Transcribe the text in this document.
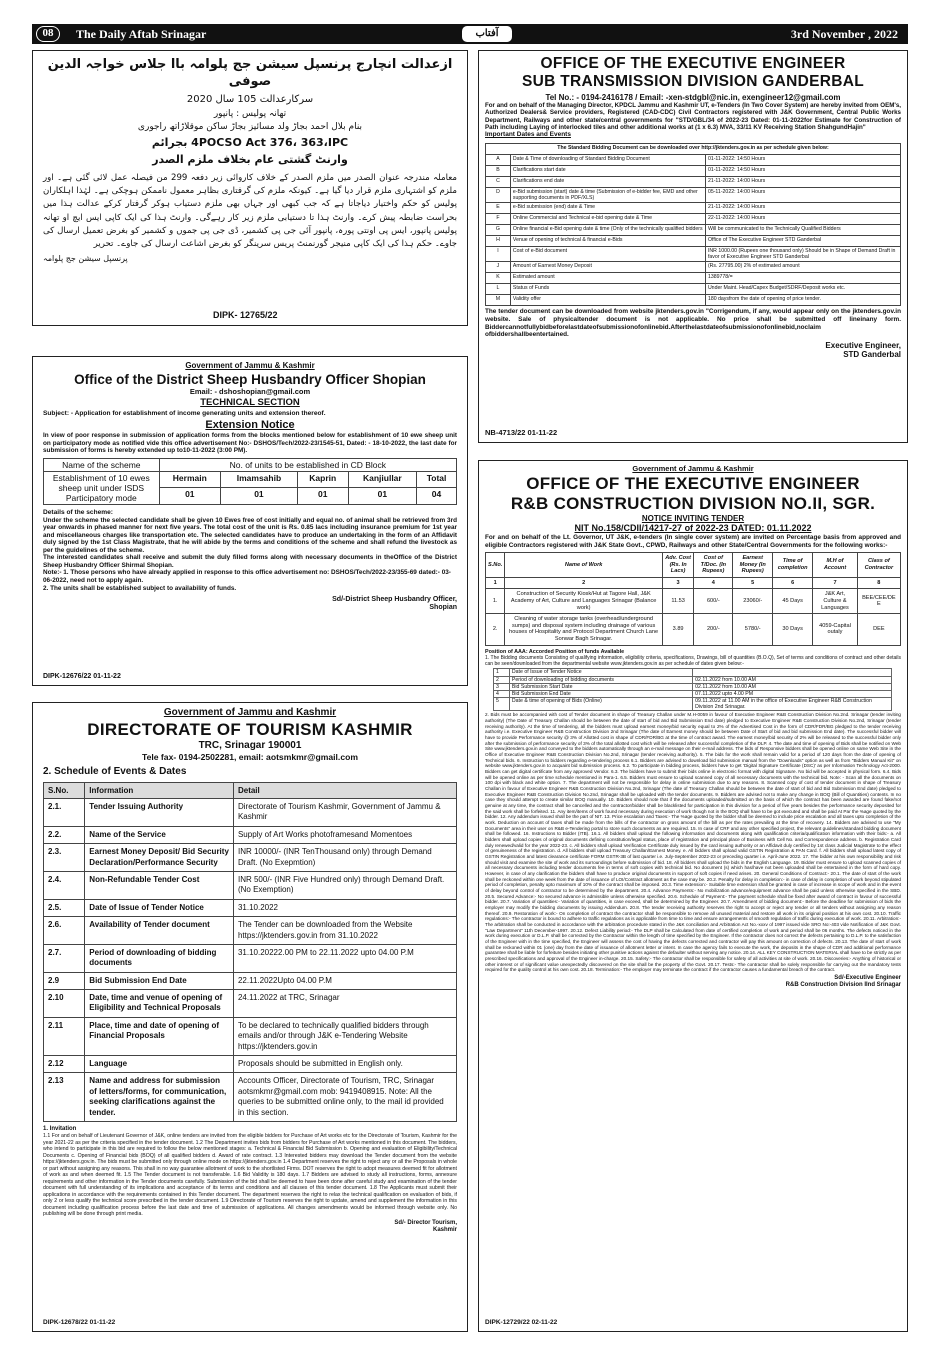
08	The Daily Aftab Srinagar	آفتاب	3rd November , 2022
ازعدالت انچارج پرنسپل سیشن جج پلوامہ باا جلاس خواجہ الدین صوفی
سرکارعدالت 105 سال 2020
تھانہ پولیس : پانپور
بنام بلال احمد بجاڑ ولد مسائیز بجاڑ ساکن موقلاڑاتھ راجوری
4POCSO Act 376، 363،IPC بجرائم
وارنٹ گشتی عام بخلاف ملزم الصدر
معاملہ مندرجہ عنوان الصدر میں ملزم الصدر کے خلاف کاروائی زیر دفعہ 299 من فیصلہ عمل لائی گئی ہے۔ اور ملزم کو اشتہاری ملزم قرار دیا گیا ہے۔ کیونکہ ملزم کی گرفتاری بظاہر معمول ناممکن ہوچکی ہے۔ لہٰذا اہلکاران پولیس کو حکم واختیار دیاجاتا ہے کہ جب کبھی اور جہاں بھی ملزم دستیاب ہوکر گرفتار کرکے عدالت ہذا میں بحراست ضابطہ پیش کرے۔ وارنٹ ہذا تا دستیابی ملزم زیر کار رہےگی۔ وارنٹ ہذا کی ایک کاپی ایس ایچ او تھانہ پولیس پانپور، ایس پی اونتی پورہ، پانپور آئی جی پی کشمیر، ڈی جی پی جموں و کشمیر کو بغرض تعمیل ارسال کی جاوے۔ حکم ہذا کی ایک کاپی منیجر گورنمنٹ پریس سرینگر کو بغرض اشاعت ارسال کی جاوے۔ تحریر
پرنسپل سیشن جج پلوامہ
DIPK- 12765/22
Government of Jammu & Kashmir
Office of the District Sheep Husbandry Officer Shopian
Email: - dshoshopian@gmail.com
TECHNICAL SECTION
Subject: - Application for establishment of income generating units and extension thereof.
Extension Notice
In view of poor response in submission of application forms from the blocks mentioned below for establishment of 10 ewe sheep unit on participatory mode as notified vide this office advertisement No:- DSHOS/Tech/2022-23/1545-51, Dated: - 18-10-2022, the last date for submission of forms is hereby extended up to10-11-2022 (3:00 PM).
Name of the scheme	No. of units to be established in CD Block				
Establishment of 10 ewes sheep unit under ISDS Participatory mode	Hermain	Imamsahib	Kaprin	Kanjiullar	Total
	01	01	01	01	04
Details of the scheme:
Under the scheme the selected candidate shall be given 10 Ewes free of cost initially and equal no. of animal shall be retrieved from 3rd year onwards in phased manner for next five years. The total cost of the unit is Rs. 0.85 lacs including insurance premium for 1st year and miscellaneous charges like transportation etc. The selected candidates have to produce an undertaking in the form of an Affidavit duly signed by the 1st Class Magistrate, that he will abide by the terms and conditions of the scheme and shall refund the livestock as per the guidelines of the scheme.
The interested candidates shall receive and submit the duly filled forms along with necessary documents in theOffice of the District Sheep Husbandry Officer Shirmal Shopian.
Note:- 1. Those persons who have already applied in response to this office advertisement no: DSHOS/Tech/2022-23/355-69 dated:- 03-06-2022, need not to apply again.
2. The units shall be established subject to availability of funds.
Sd/-District Sheep Husbandry Officer,
Shopian
DIPK-12676/22 01-11-22
Government of Jammu and Kashmir
DIRECTORATE OF TOURISM KASHMIR
TRC, Srinagar 190001
Tele fax- 0194-2502281, email: aotsmkmr@gmail.com
2. Schedule of Events & Dates
S.No.	Information	Detail
2.1.	Tender Issuing Authority	Directorate of Tourism Kashmir, Government of Jammu & Kashmir
2.2.	Name of the Service	Supply of Art Works photoframesand Momentoes
2.3.	Earnest Money Deposit/ Bid Security Declaration/Performance Security	INR 10000/- (INR TenThousand only) through Demand Draft. (No Exepmtion)
2.4.	Non-Refundable Tender Cost	INR 500/- (INR Five Hundred only) through Demand Draft. (No Exemption)
2.5.	Date of Issue of Tender Notice	31.10.2022
2.6.	Availability of Tender document	The Tender can be downloaded from the Website https://jktenders.gov.in from 31.10.2022
2.7.	Period of downloading of bidding documents	31.10.20222.00 PM to 22.11.2022 upto 04.00 P.M
2.9	Bid Submission End Date	22.11.2022Upto 04.00 P.M
2.10	Date, time and venue of opening of Eligibility and Technical Proposals	24.11.2022 at TRC, Srinagar
2.11	Place, time and date of opening of Financial Proposals	To be declared to technically qualified bidders through emails and/or through J&K e-Tendering Website https://jktenders.gov.in
2.12	Language	Proposals should be submitted in English only.
2.13	Name and address for submission of letters/forms, for communication, seeking clarifications against the tender.	Accounts Officer, Directorate of Tourism, TRC, Srinagar aotsmkmr@gmail.com mob: 9419408915. Note: All the queries to be submitted online only, to the mail id provided in this section.
1. Invitation
1.1 For and on behalf of Lieutenant Governor of J&K, online tenders are invited from the eligible bidders for Purchase of Art works etc for the Directorate of Tourism, Kashmir for the year 2021-22 as per the criteria specified in the tender document. 1.2 The Department invites bids from bidders for Purchase of Art works mentioned in this document. The bidders, who intend to participate in this bid are required to follow the below mentioned stages: a. Technical & Financial Bid Submission b. Opening and evaluation of Eligibility/Technical Documents c. Opening of Financial bids (BOQ) of all qualified bidders d. Award of rate contract. 1.3 Interested bidders may download the Tender document from the website https://jktenders.gov.in. The bids must be submitted only through online mode on https://jktenders.gov.in 1.4 Department reserves the right to reject any or all the Proposals in whole or part without assigning any reasons. This shall in no way guarantee allotment of work to the shortlisted Firms. DOT reserves the right to adopt measures deemed fit for allotment of work as and when deemed fit. 1.5 The Tender document is not transferable. 1.6 Bid Validity is 180 days. 1.7 Bidders are advised to study all instructions, forms, annexure requirements and other information in the Tender documents carefully. Submission of the bid shall be deemed to have been done after careful study and examination of the tender document with full understanding of its implications and acceptance of its terms and conditions and all clauses of this tender document. 1.8 The Applicants must submit their applications in accordance with the requirements contained in this Tender document. The department reserves the right to relax the technical qualification on evaluation of bids, if only 2 or less qualify the technical score prescribed in the tender document. 1.9 Directorate of Tourism reserves the right to update, amend and supplement the information in this document including qualification process before the last date and time of submission of applications. All changes amendments would be informed through website only. No publishing will be done through print media.
Sd/- Director Tourism,
Kashmir
DIPK-12678/22 01-11-22
OFFICE OF THE EXECUTIVE ENGINEER
SUB TRANSMISSION DIVISION GANDERBAL
Tel No.: - 0194-2416178 / Email: -xen-stdgbl@nic.in, exengineer12@gmail.com
For and on behalf of the Managing Director, KPDCL Jammu and Kashmir UT, e-Tenders (In Two Cover System) are hereby invited from OEM's, Authorized Dealers& Service providers, Registered (CAD-CDC) Civil Contractors registered with J&K Government, Central Public Works Department, Railways and other state/central governments for "STD/GBL/34 of 2022-23 Dated: 01-11-2022for Estimate for Construction of Path including Laying of interlocked tiles and other additional works at (1 x 6.3) MVA, 33/11 KV Receiving Station ShahgundHajin"
Important Dates and Events
The Standard Bidding Document can be downloaded over http://jktenders.gov.in as per schedule given below:		
A	Date & Time of downloading of Standard Bidding Document	01-11-2022: 14:50 Hours
B	Clarifications start date	01-11-2022: 14:50 Hours
C	Clarifications end date	21-11-2022: 14:00 Hours
D	e-Bid submission (start) date & time (Submission of e-bidder fee, EMD and other supporting documents in PDF/XLS)	05-11-2022: 14:00 Hours
E	e-Bid submission (end) date & Time	21-11-2022: 14:00 Hours
F	Online Commercial and Technical e-bid opening date & Time	22-11-2022: 14:00 Hours
G	Online financial e-Bid opening date & time (Only of the technically qualified bidders	Will be communicated to the Technically Qualified Bidders
H	Venue of opening of technical & financial e-Bids	Office of The Executive Engineer STD Ganderbal
I	Cost of e-Bid document	INR 1000.00 (Rupees one thousand only) Should be in Shape of Demand Draft in favor of Executive Engineer STD Ganderbal
J	Amount of Earnest Money Deposit	(Rs. 27795.00) 2% of estimated amount
K	Estimated amount	1389778/=
L	Status of Funds	Under Maint. Head/Capex Budget/SDRF/Deposit works etc.
M	Validity offer	180 daysfrom the date of opening of price tender.
The tender document can be downloaded from website jktenders.gov.in "Corrigendum, if any, would appear only on the jktenders.gov.in website. Sale of physicaltender document is not applicable. No price shall be submitted off lineinany form. Biddercannotfullybidbeforelastdateofsubmissionofonlinebid.Afterthelastdateofsubmissionofonlinebid,noclaim ofbiddershallbeentertained.
Executive Engineer,
STD Ganderbal
NB-4713/22 01-11-22
Government of Jammu & Kashmir
OFFICE OF THE EXECUTIVE ENGINEER
R&B CONSTRUCTION DIVISION NO.II, SGR.
NOTICE INVITING TENDER
NIT No.158/CDII/14217-27 of 2022-23 DATED: 01.11.2022
For and on behalf of the Lt. Governor, UT J&K, e-tenders (In single cover system) are invited on Percentage basis from approved and eligible Contractors registered with J&K State Govt., CPWD, Railways and other State/Central Governments for the following works:-
S.No.	Name of Work	Adv. Cost (Rs. In Lacs)	Cost of T/Doc. (In Rupees)	Earnest Money (In Rupees)	Time of completion	M.H of Account	Class of Contractor
1	2	3	4	5	6	7	8
1.	Construction of Security Kiosk/Hut at Tagore Hall, J&K Academy of Art, Culture and Languages Srinagar (Balance work)	11.53	600/-	23060/-	45 Days	J&K Art, Culture & Languages	BEE/CEE/DE E
2.	Cleaning of water storage tanks (overhead/underground sumps) and disposal system including drainage of various houses of Hospitality and Protocol Department Church Lane Sonwar Bagh Srinagar.	3.89	200/-	5780/-	30 Days	4059-Capital outaly	DEE
Position of AAA: Accorded Position of funds Available
1. The Bidding documents Consisting of qualifying information, eligibility criteria, specifications, Drawings, bill of quantities (B.O.Q), Set of terms and conditions of contract and other details can be seen/downloaded from the departmental website www.jktenders.gov.in as per schedule of dates given below:-
1	Date of Issue of Tender Notice	
2	Period of downloading of bidding documents	02.11.2022 from 10.00 AM
3	Bid Submission Start Date	02.11.2022 from 10.00 AM
4	Bid Submission End Date	07.11.2022 upto 4.00 PM
5	Date & time of opening of Bids (Online)	09.11.2022 at 11.00 AM in the office of Executive Engineer R&B Construction Division 2nd Srinagar.
2. Bids must be accompanied with cost of Tender document in shape of Treasury Challan under M.H-0059 in favour of Executive Engineer R&B Construction Division No.2nd. Srinagar (tender inviting authority) (The Date of Treasury Challan should be between the date of start of bid and Bid Submission End date) pledged to Executive Engineer R&B Construction Division No.2nd, Srinagar (tender receiving authority). At the time of tendering, all the bidders must upload earnest money/bid security equal to 2% of the Advertised Cost in the form of CDR/FDR/BG pledged to the tender receiving authority i.e. Executive Engineer R&B Construction Division 2nd Srinagar (The date of Earnest money should be between Date of Start of bid and bid submission End date). The successful bidder will have to provide Performance security @ 3% of Allotted cost in shape of CDR/FDR/BG at the time of contract award. The earnest money/bid security of 2% will be released to the successful bidder only after the submission of performance security of 3% of the total allotted cost which will be released after successful completion of the DLP. 4. The date and time of opening of Bids shall be notified on Web Site www.jktenders.gov.in and conveyed to the bidders automatically through an e-mail message on their e-mail address. The bids of Responsive bidders shall be opened online on same Web Site in the Office of Executive Engineer R&B Construction Division No.2nd, Srinagar (tender receiving authority). 5. The bids for the work shall remain valid for a period of 120 days from the date of opening of Technical bids. 6. Instruction to bidders regarding e-tendering process 6.1. Bidders are advised to download bid submission manual from the "Downloads" option as well as from "Bidders Manual Kit" on website www.jktenders.gov.in to acquaint bid submission process. 6.2. To participate in bidding process, bidders have to get 'Digital Signature Certificate (DSC)' as per Information Technology Act-2000. Bidders can get digital certificate from any approved Vendor. 6.3. The bidders have to submit their bids online in electronic format with digital Signature. No bid will be accepted in physical form. 6.4. Bids will be opened online as per time schedule mentioned in Para-1. 6.5. Bidders must ensure to upload scanned copy of all necessary documents with the technical bid. Note: - Scan all the documents on 100 dpi with black and white option. 7. The department will not be responsible for delay in online submission due to any reasons. 8. Scanned copy of cost of tender document in shape of Treasury Challan in favour of Executive Engineer R&B Construction Division No.2nd, Srinagar (The date of Treasury Challan should be between the date of start of bid and Bid Submission End date) pledged to Executive Engineer R&B Construction Division No.2nd, Srinagar shall be uploaded with the tender documents. 9. Bidders are advised not to make any change in BOQ (Bill of Quantities) contents. In no case they should attempt to create similar BOQ manually. 10. Bidders should note that if the documents uploaded/submitted on the basis of which the contract has been awarded are found fake/not genuine at any time, the contract shall be cancelled and the contractor/bidder shall be blacklisted for participation in this division for a period of five years besides the performance security deposited for the said work shall be forfeited. 11. Any item/items of work found necessary during execution of work though not in the BOQ shall have to be got executed and shall be paid At Par the %age quoted by the bidder. 12. Any addendum issued shall be the part of NIT. 13. Price escalation and Taxes:- The %age quoted by the bidder shall be deemed to include price escalation and all taxes upto completion of the work. Deduction on account of taxes shall be made from the bills of the contractor on gross amount of the bill as per the rates prevailing at the time of recovery. 14. Bidders are advised to use "My Documents" area in their user on R&B e-Tendering portal to store such documents as are required. 15. In case of CRF and any other specified project, the relevant guidelines/standard bidding document shall be followed. 16. Instructions to Bidder (ITB). 16.1. All bidders shall upload the following information and documents along with qualification criteria/qualification information with their bids:- a. All bidders shall upload copies of original documents defining constitution/legal status, place of registration and principal place of Business with Cell No. and Correspondence address. b. Registration Card duly renewed/valid for the year 2022-23. c. All bidders shall upload Verification Certificate duly issued by the card issuing authority or an Affidavit duly certified by 1st class Judicial Magistrate to the effect of genuineness of the registration. d. All bidders shall upload Treasury Challan/Earnest Money. e. All bidders shall upload valid GSTIN Registration & PAN Card. f. All bidders shall upload latest copy of GSTIN Registration and latest clearance certificate FORM GSTR-3B of last quarter i.e. July-September 2022-23 or preceding quarter i.e. April-June 2022. 17. The bidder at his own responsibility and risk should visit and examine the site of work and its surroundings before submission of bid. 18. All bidders shall upload the bids in the English Language. 19. Bidder must ensure to upload scanned copies of all necessary documents including tender documents fee in terms of soft copies with technical bid. No document (s) which has/have not been uploaded shall be entertained in the form of hard copy. However, in case of any clarification the bidders shall have to produce original documents in support of soft copies if need arises. 20. General Conditions of Contract:- 20.1. The date of start of the work shall be reckoned within one week from the date of issuance of LOI/Contract allotment as the case may be. 20.2. Penalty for delay in completion:- in case of delay in completion of work beyond stipulated period of completion, penalty upto maximum of 10% of the contract shall be imposed. 20.3. Time extension:- Suitable time extension shall be granted in case of increase in scope of work and in the event of delay beyond control of contractor to be determined by the department. 20.4. Advance Payments:- No mobilization advance/equipment advance shall be paid unless otherwise specified in the SBD. 20.5. Secured Advance:- No secured advance is admissible unless otherwise specified. 20.6. Schedule of Payment:- The payment schedule shall be fixed after award of contract in favour of successful bidder. 20.7. Variation of quantities:- Variation of quantities, in case exceed, shall be determined by the Engineer. 20.7. Amendment of bidding document:- Before the deadline for submission of bids the employer may modify the bidding documents by issuing Addendum. 20.8. The tender receiving authority reserves the right to accept or reject any tender or all tenders without assigning any reason thereof. 20.9. Restoration of work:- On completion of contract the contractor shall be responsible to remove all unused material and restore all work in its original position at his own cost. 20.10. Traffic regulations:- The contractor is bound to adhere to traffic regulations as is applicable from time to time and ensure arrangements of smooth regulation of traffic during execution of work. 20.11. Arbitration:- The arbitration shall be conducted in accordance with the arbitration procedure stated in the J&K conciliation and Arbitration Act No.-xxxv of 1997 issued vide SRO No:-403 vide Notification of J&K Govt. "Law Department" 11th December-1997. 20.12. Defect Liability period:- The DLP shall be Calculated from date of certified completion of work and period shall be 06 months. The defects noticed in the work during execution or D.L.P. shall be corrected by the Contractor within the length of time specified by the Engineer. If the contractor does not correct the defects pertaining to D.L.P. to the satisfaction of the Engineer with in the time specified, the Engineer will assess the cost of having the defects corrected and contractor will pay this amount on correction of defects. 20.13. The date of start of work shall be reckoned within 01 (one) day from the date of issuance of allotment letter or intent. In case the agency fails to execute the work, the deposits in the shape of CDR and additional performance guarantee shall be liable for forfeiture besides initiating other punitive actions against the defaulter without serving any notice. 20.14. ALL KEY CONSTRUCTION MATERIAL shall have to be strictly as per prescribed specifications and approval of the Engineer in-charge. 20.15. Safety:- The contractor shall be responsible for safety of all activities at site of work. 20.16. Discoveries:- Anything of historical or other interest or of significant value unexpectedly discovered on the site shall be the property of the Govt. 20.17. Tests:- The contractor shall be solely responsible for carrying out the mandatory tests required for the quality control at his own cost. 20.18. Termination:- The employer may terminate the contract if the contractor causes a fundamental breach of the contract.
Sd/-Executive Engineer
R&B Construction Division IInd Srinagar
DIPK-12729/22 02-11-22
